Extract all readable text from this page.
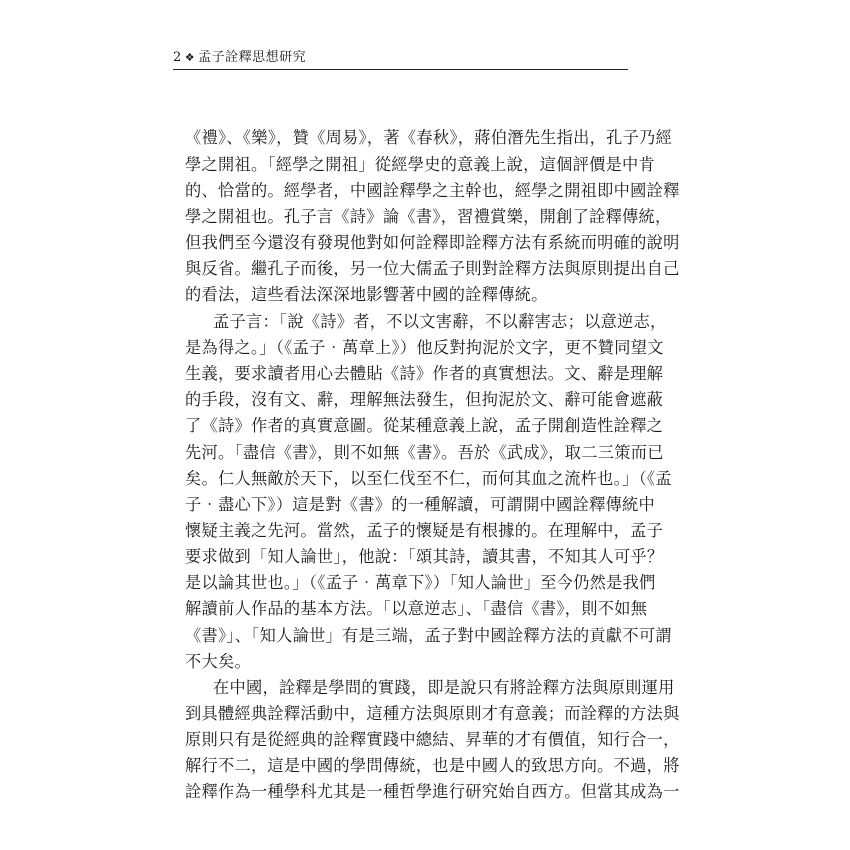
2 ❖ 孟子詮釋思想研究
《禮》、《樂》，贊《周易》，著《春秋》，蔣伯潛先生指出，孔子乃經
學之開祖。「經學之開祖」從經學史的意義上說，這個評價是中肯
的、恰當的。經學者，中國詮釋學之主幹也，經學之開祖即中國詮釋
學之開祖也。孔子言《詩》論《書》，習禮賞樂，開創了詮釋傳統，
但我們至今還沒有發現他對如何詮釋即詮釋方法有系統而明確的說明
與反省。繼孔子而後，另一位大儒孟子則對詮釋方法與原則提出自己
的看法，這些看法深深地影響著中國的詮釋傳統。
孟子言：「說《詩》者，不以文害辭，不以辭害志；以意逆志，
是為得之。」（《孟子‧萬章上》）他反對拘泥於文字，更不贊同望文
生義，要求讀者用心去體貼《詩》作者的真實想法。文、辭是理解
的手段，沒有文、辭，理解無法發生，但拘泥於文、辭可能會遮蔽
了《詩》作者的真實意圖。從某種意義上說，孟子開創造性詮釋之
先河。「盡信《書》，則不如無《書》。吾於《武成》，取二三策而已
矣。仁人無敵於天下，以至仁伐至不仁，而何其血之流杵也。」（《孟
子‧盡心下》）這是對《書》的一種解讀，可謂開中國詮釋傳統中
懷疑主義之先河。當然，孟子的懷疑是有根據的。在理解中，孟子
要求做到「知人論世」，他說：「頌其詩，讀其書，不知其人可乎？
是以論其世也。」（《孟子‧萬章下》）「知人論世」至今仍然是我們
解讀前人作品的基本方法。「以意逆志」、「盡信《書》，則不如無
《書》」、「知人論世」有是三端，孟子對中國詮釋方法的貢獻不可謂
不大矣。
在中國，詮釋是學問的實踐，即是說只有將詮釋方法與原則運用
到具體經典詮釋活動中，這種方法與原則才有意義；而詮釋的方法與
原則只有是從經典的詮釋實踐中總結、昇華的才有價值，知行合一，
解行不二，這是中國的學問傳統，也是中國人的致思方向。不過，將
詮釋作為一種學科尤其是一種哲學進行研究始自西方。但當其成為一
